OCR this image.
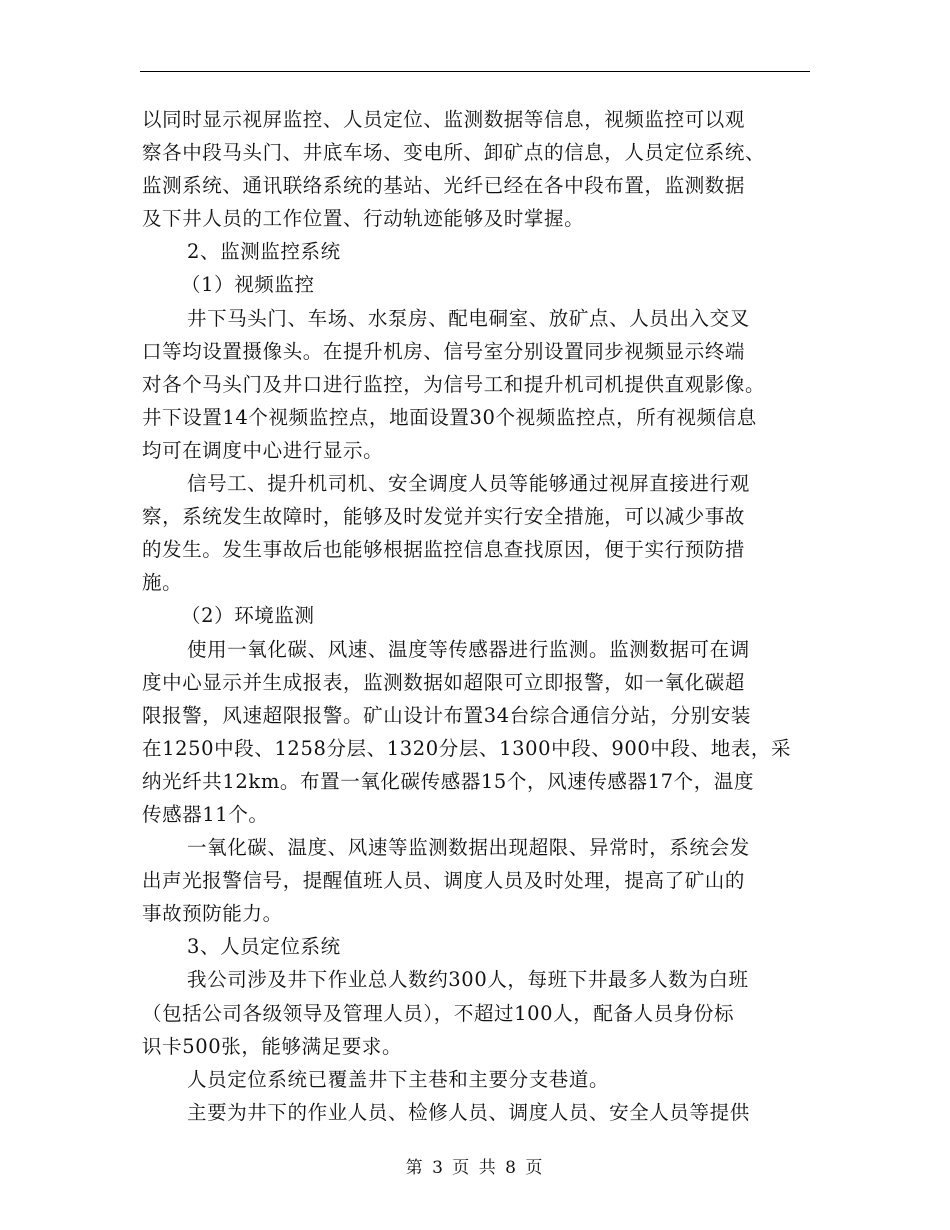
以同时显示视屏监控、人员定位、监测数据等信息，视频监控可以观
察各中段马头门、井底车场、变电所、卸矿点的信息，人员定位系统、
监测系统、通讯联络系统的基站、光纤已经在各中段布置，监测数据
及下井人员的工作位置、行动轨迹能够及时掌握。
2、监测监控系统
（1）视频监控
井下马头门、车场、水泵房、配电硐室、放矿点、人员出入交叉
口等均设置摄像头。在提升机房、信号室分别设置同步视频显示终端
对各个马头门及井口进行监控，为信号工和提升机司机提供直观影像。
井下设置14个视频监控点，地面设置30个视频监控点，所有视频信息
均可在调度中心进行显示。
信号工、提升机司机、安全调度人员等能够通过视屏直接进行观
察，系统发生故障时，能够及时发觉并实行安全措施，可以减少事故
的发生。发生事故后也能够根据监控信息查找原因，便于实行预防措
施。
（2）环境监测
使用一氧化碳、风速、温度等传感器进行监测。监测数据可在调
度中心显示并生成报表，监测数据如超限可立即报警，如一氧化碳超
限报警，风速超限报警。矿山设计布置34台综合通信分站，分别安装
在1250中段、1258分层、1320分层、1300中段、900中段、地表，采
纳光纤共12km。布置一氧化碳传感器15个，风速传感器17个，温度
传感器11个。
一氧化碳、温度、风速等监测数据出现超限、异常时，系统会发
出声光报警信号，提醒值班人员、调度人员及时处理，提高了矿山的
事故预防能力。
3、人员定位系统
我公司涉及井下作业总人数约300人，每班下井最多人数为白班
（包括公司各级领导及管理人员），不超过100人，配备人员身份标
识卡500张，能够满足要求。
人员定位系统已覆盖井下主巷和主要分支巷道。
主要为井下的作业人员、检修人员、调度人员、安全人员等提供
第 3 页 共 8 页
